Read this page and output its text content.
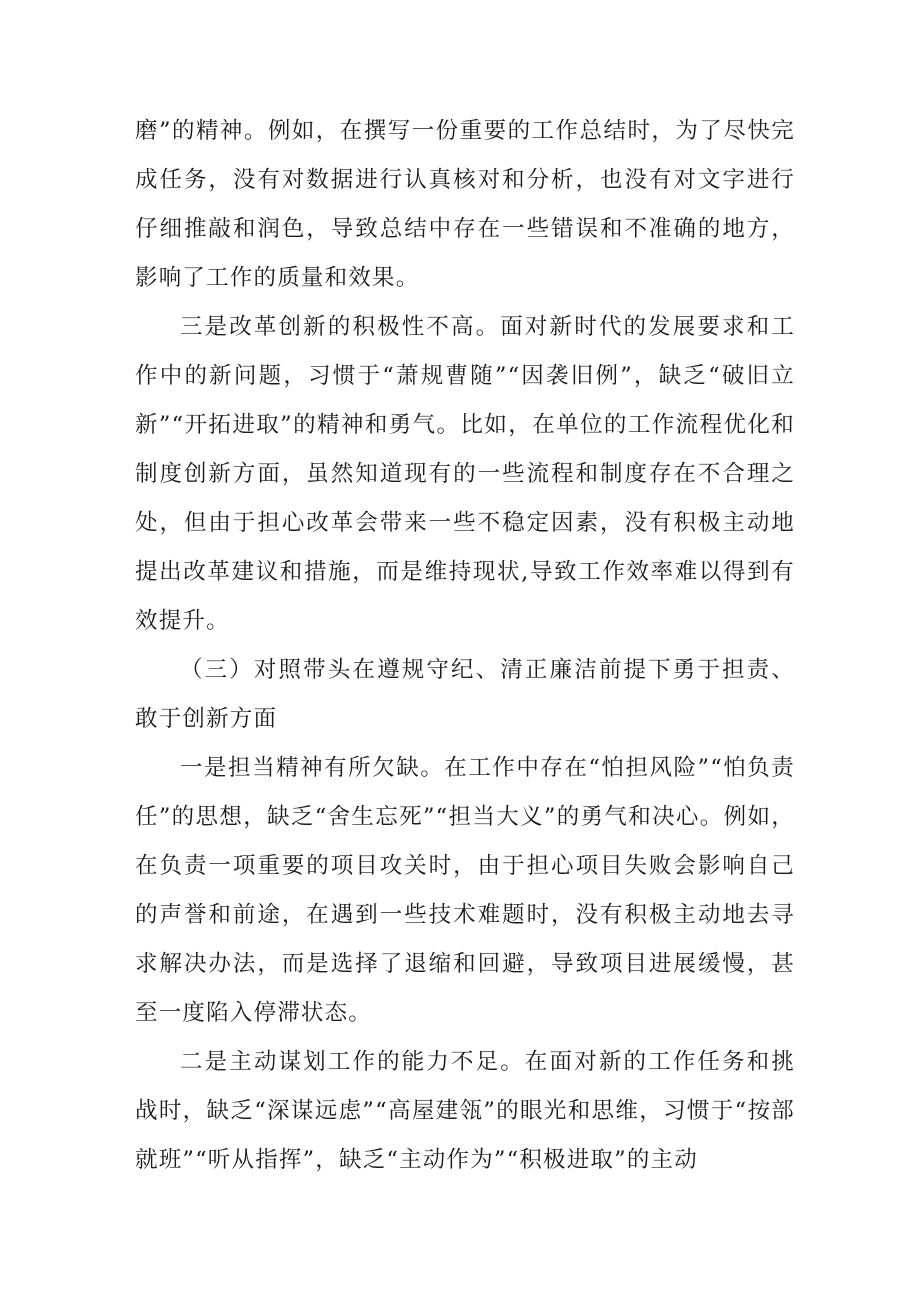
磨”的精神。例如，在撰写一份重要的工作总结时，为了尽快完成任务，没有对数据进行认真核对和分析，也没有对文字进行仔细推敲和润色，导致总结中存在一些错误和不准确的地方，影响了工作的质量和效果。

三是改革创新的积极性不高。面对新时代的发展要求和工作中的新问题，习惯于“萧规曹随”“因袭旧例”，缺乏“破旧立新”“开拓进取”的精神和勇气。比如，在单位的工作流程优化和制度创新方面，虽然知道现有的一些流程和制度存在不合理之处，但由于担心改革会带来一些不稳定因素，没有积极主动地提出改革建议和措施，而是维持现状,导致工作效率难以得到有效提升。

（三）对照带头在遵规守纪、清正廉洁前提下勇于担责、敢于创新方面

一是担当精神有所欠缺。在工作中存在“怕担风险”“怕负责任”的思想，缺乏“舍生忘死”“担当大义”的勇气和决心。例如，在负责一项重要的项目攻关时，由于担心项目失败会影响自己的声誉和前途，在遇到一些技术难题时，没有积极主动地去寻求解决办法，而是选择了退缩和回避，导致项目进展缓慢，甚至一度陷入停滞状态。

二是主动谋划工作的能力不足。在面对新的工作任务和挑战时，缺乏“深谋远虑”“高屋建瓴”的眼光和思维，习惯于“按部就班”“听从指挥”，缺乏“主动作为”“积极进取”的主动
